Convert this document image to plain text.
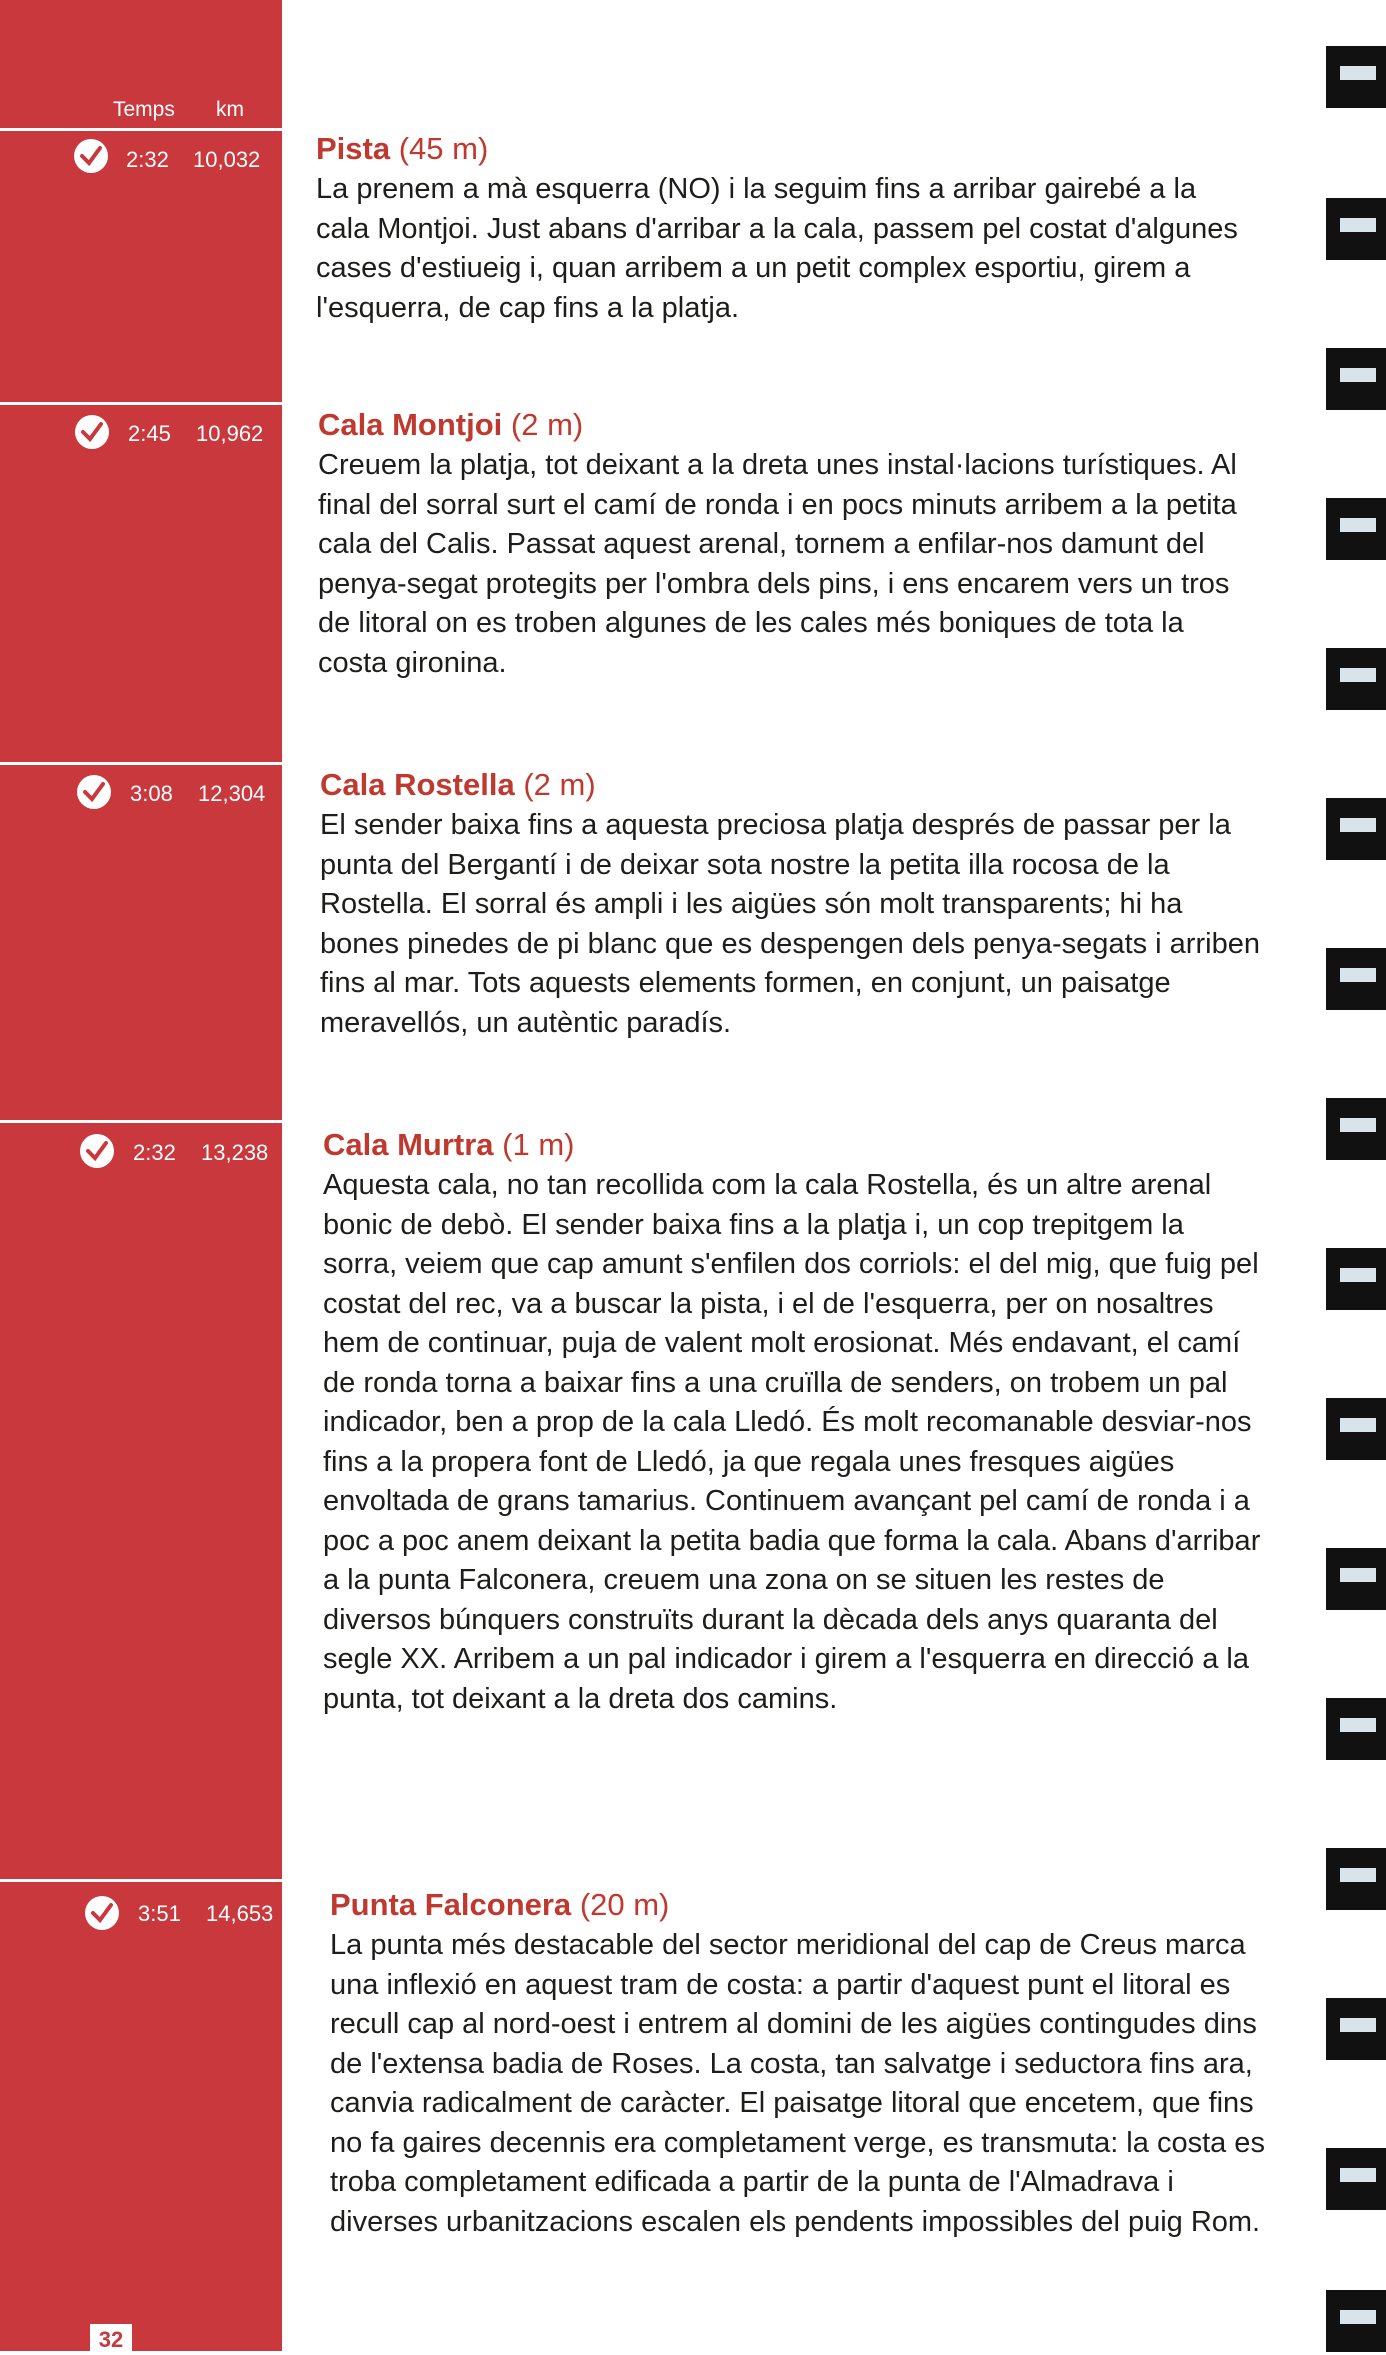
Temps km
2:32 10,032
2:45 10,962
3:08 12,304
2:32 13,238
3:51 14,653
32
Pista (45 m)

La prenem a mà esquerra (NO) i la seguim fins a arribar gairebé a la cala Montjoi. Just abans d'arribar a la cala, passem pel costat d'algunes cases d'estiueig i, quan arribem a un petit complex esportiu, girem a l'esquerra, de cap fins a la platja.

Cala Montjoi (2 m)

Creuem la platja, tot deixant a la dreta unes instal·lacions turístiques. Al final del sorral surt el camí de ronda i en pocs minuts arribem a la petita cala del Calis. Passat aquest arenal, tornem a enfilar-nos damunt del penya-segat protegits per l'ombra dels pins, i ens encarem vers un tros de litoral on es troben algunes de les cales més boniques de tota la costa gironina.

Cala Rostella (2 m)

El sender baixa fins a aquesta preciosa platja després de passar per la punta del Bergantí i de deixar sota nostre la petita illa rocosa de la Rostella. El sorral és ampli i les aigües són molt transparents; hi ha bones pinedes de pi blanc que es despengen dels penya-segats i arriben fins al mar. Tots aquests elements formen, en conjunt, un paisatge meravellós, un autèntic paradís.

Cala Murtra (1 m)

Aquesta cala, no tan recollida com la cala Rostella, és un altre arenal bonic de debò. El sender baixa fins a la platja i, un cop trepitgem la sorra, veiem que cap amunt s'enfilen dos corriols: el del mig, que fuig pel costat del rec, va a buscar la pista, i el de l'esquerra, per on nosaltres hem de continuar, puja de valent molt erosionat. Més endavant, el camí de ronda torna a baixar fins a una cruïlla de senders, on trobem un pal indicador, ben a prop de la cala Lledó. És molt recomanable desviar-nos fins a la propera font de Lledó, ja que regala unes fresques aigües envoltada de grans tamarius. Continuem avançant pel camí de ronda i a poc a poc anem deixant la petita badia que forma la cala. Abans d'arribar a la punta Falconera, creuem una zona on se situen les restes de diversos búnquers construïts durant la dècada dels anys quaranta del segle XX. Arribem a un pal indicador i girem a l'esquerra en direcció a la punta, tot deixant a la dreta dos camins.

Punta Falconera (20 m)

La punta més destacable del sector meridional del cap de Creus marca una inflexió en aquest tram de costa: a partir d'aquest punt el litoral es recull cap al nord-oest i entrem al domini de les aigües contingudes dins de l'extensa badia de Roses. La costa, tan salvatge i seductora fins ara, canvia radicalment de caràcter. El paisatge litoral que encetem, que fins no fa gaires decennis era completament verge, es transmuta: la costa es troba completament edificada a partir de la punta de l'Almadrava i diverses urbanitzacions escalen els pendents impossibles del puig Rom.
